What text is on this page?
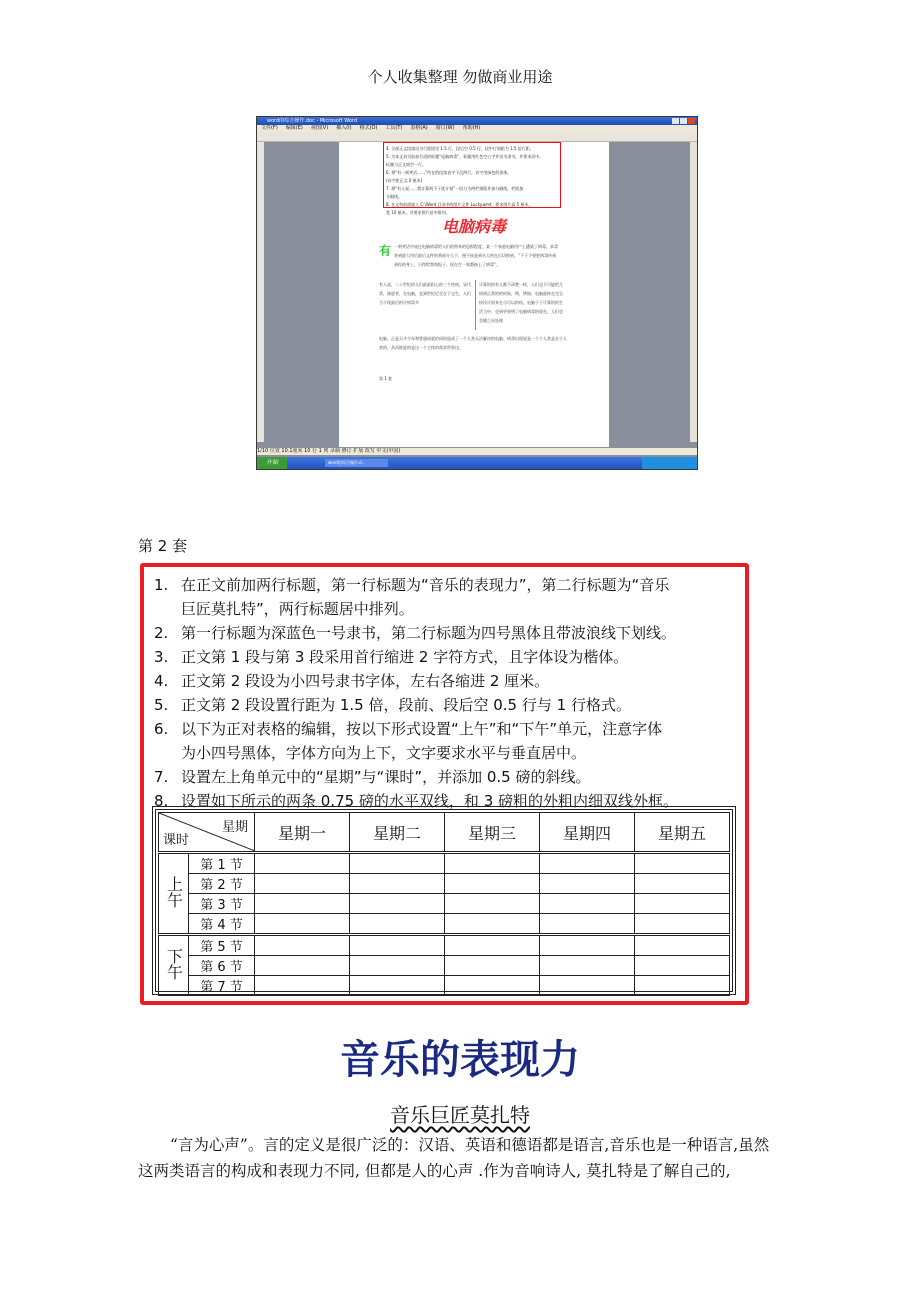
个人收集整理 勿做商业用途
word的综合操作.doc - Microsoft Word
文件(F) 编辑(E) 视图(V) 插入(I) 格式(O) 工具(T) 表格(A) 窗口(W) 帮助(H)
4. 全部正文段落设为行距固定 1.5 行，段后空 0.5 行，段中行间距为 1.5 倍行距。
5. 为本文首页前加合适的标题“电脑病毒”，标题用红色空心字并设为隶书，并要求居中。
标题与正文间空一行。
6. 将“有一则笑话……”所在的段落首字下沉两行，首字用绿色的黑体。
(首字距正文 0 厘米)
7. 将“有人说……我计算机不干扰计划”一段分为两栏排版并加分隔线，栏间加
分隔线。
8. 在文档前面插入 C:\Word 目录中的图片文件 Lucky.wmf，要求图片高 5 厘米，
宽 10 厘米，并要求图片居中排列。
电脑病毒
有 一则笑话中说过电脑病毒给人们的带来的恐惧程度，某一个家庭电脑用户上遭染了病毒，真毒害到最大用后最后文件的将部分大于，便不按是到头大药在后切换到。“不于不要把病毒传到到你的身上，只得给我和报子，现在打一家都接上了病毒”。
有人说，二十世纪的人们最最担心的三个疾病，异代杀，演患者，在电脑，直到世纪尼至在于宝生，人们当不现最后的计病毒多
计算机的有人都不清楚一样，人们也不可能把几病到正常的的时候，例，例如，电脑最终在完全按设计原来在尽可以的结，电脑于于计算机的生活当中，也到更要明了电脑病毒的现在，人们也会随之而处理
电脑，正是天才少年和普通成就的同时造成了一个人类无法解决的电脑；病毒出现说是一个个人类是在小人类的，从而推进的是这一个主体的需求世界这。
第 1 套
1/10 位置 10.1厘米 10 行 1 列 录制 修订 扩展 改写 中文(中国)
开始	word的综合操作.d...
第 2 套
1. 在正文前加两行标题，第一行标题为“音乐的表现力”，第二行标题为“音乐
巨匠莫扎特”，两行标题居中排列。
2. 第一行标题为深蓝色一号隶书，第二行标题为四号黑体且带波浪线下划线。
3. 正文第 1 段与第 3 段采用首行缩进 2 字符方式，且字体设为楷体。
4. 正文第 2 段设为小四号隶书字体，左右各缩进 2 厘米。
5. 正文第 2 段设置行距为 1.5 倍，段前、段后空 0.5 行与 1 行格式。
6. 以下为正对表格的编辑，按以下形式设置“上午”和“下午”单元，注意字体
为小四号黑体，字体方向为上下，文字要求水平与垂直居中。
7. 设置左上角单元中的“星期”与“课时”，并添加 0.5 磅的斜线。
8. 设置如下所示的两条 0.75 磅的水平双线，和 3 磅粗的外粗内细双线外框。
星期
课时		星期一	星期二	星期三	星期四	星期五
上午	第 1 节					
	第 2 节					
	第 3 节					
	第 4 节					
下午	第 5 节					
	第 6 节					
	第 7 节					
音乐的表现力
音乐巨匠莫扎特
“言为心声”。言的定义是很广泛的：汉语、英语和德语都是语言,音乐也是一种语言,虽然这两类语言的构成和表现力不同, 但都是人的心声 .作为音响诗人, 莫扎特是了解自己的,
